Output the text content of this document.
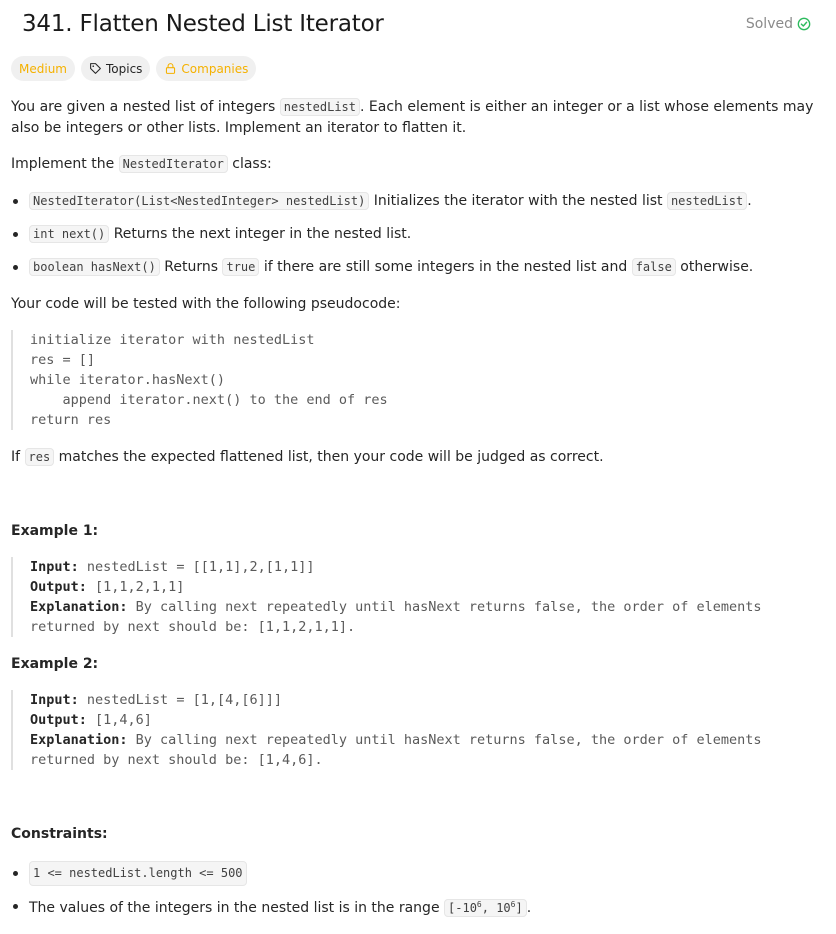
341. Flatten Nested List Iterator	Solved
Medium	Topics	Companies

You are given a nested list of integers nestedList . Each element is either an integer or a list whose elements may also be integers or other lists. Implement an iterator to flatten it.

Implement the NestedIterator class:

NestedIterator(List<NestedInteger> nestedList) Initializes the iterator with the nested list nestedList .
int next() Returns the next integer in the nested list.
boolean hasNext() Returns true if there are still some integers in the nested list and false otherwise.

Your code will be tested with the following pseudocode:

initialize iterator with nestedList
res = []
while iterator.hasNext()
append iterator.next() to the end of res
return res

If res matches the expected flattened list, then your code will be judged as correct.

Example 1:
Input: nestedList = [[1,1],2,[1,1]]
Output: [1,1,2,1,1]
Explanation: By calling next repeatedly until hasNext returns false, the order of elements
returned by next should be: [1,1,2,1,1].
Example 2:
Input: nestedList = [1,[4,[6]]]
Output: [1,4,6]
Explanation: By calling next repeatedly until hasNext returns false, the order of elements
returned by next should be: [1,4,6].
Constraints:
1 <= nestedList.length <= 500
The values of the integers in the nested list is in the range [$-10^6$, $10^6$] .
